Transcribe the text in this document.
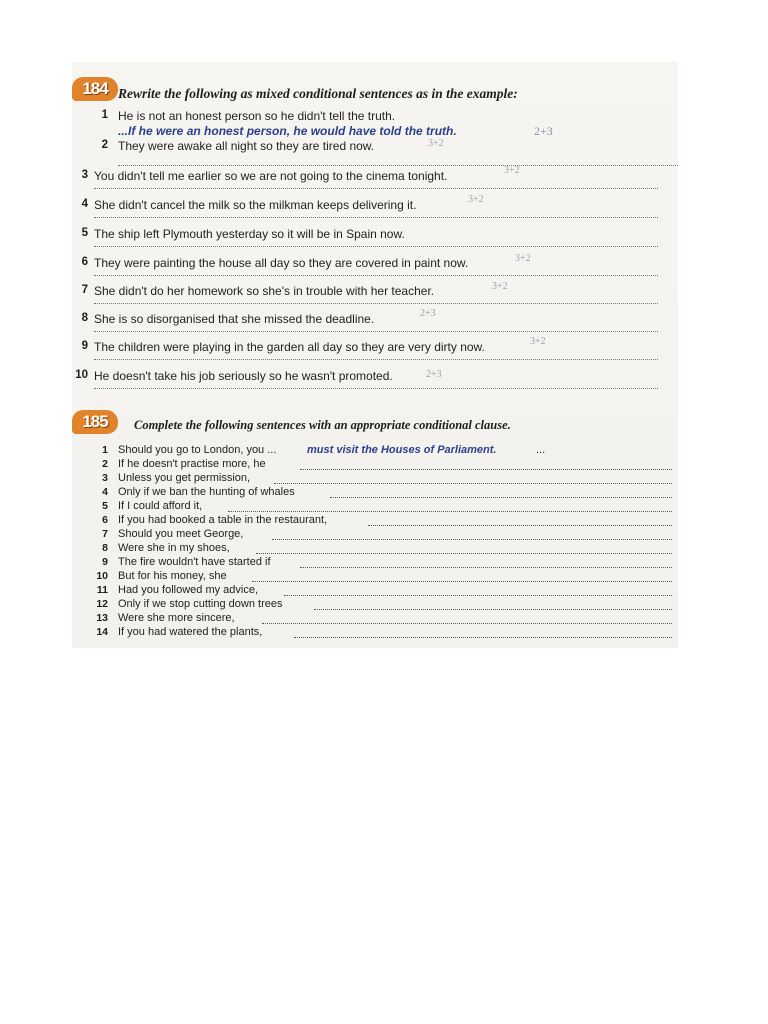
184 Rewrite the following as mixed conditional sentences as in the example:
1 He is not an honest person so he didn't tell the truth.
...If he were an honest person, he would have told the truth.	2+3
2 They were awake all night so they are tired now.	3+2
3 You didn't tell me earlier so we are not going to the cinema tonight.	3+2
4 She didn't cancel the milk so the milkman keeps delivering it.	3+2
5 The ship left Plymouth yesterday so it will be in Spain now.
6 They were painting the house all day so they are covered in paint now.	3+2
7 She didn't do her homework so she's in trouble with her teacher.	3+2
8 She is so disorganised that she missed the deadline.	2+3
9 The children were playing in the garden all day so they are very dirty now.	3+2
10 He doesn't take his job seriously so he wasn't promoted.	2+3
185	Complete the following sentences with an appropriate conditional clause.
1 Should you go to London, you ...	must visit the Houses of Parliament.	...
2 If he doesn't practise more, he
3 Unless you get permission,
4 Only if we ban the hunting of whales
5 If I could afford it,
6 If you had booked a table in the restaurant,
7 Should you meet George,
8 Were she in my shoes,
9 The fire wouldn't have started if
10 But for his money, she
11 Had you followed my advice,
12 Only if we stop cutting down trees
13 Were she more sincere,
14 If you had watered the plants,
